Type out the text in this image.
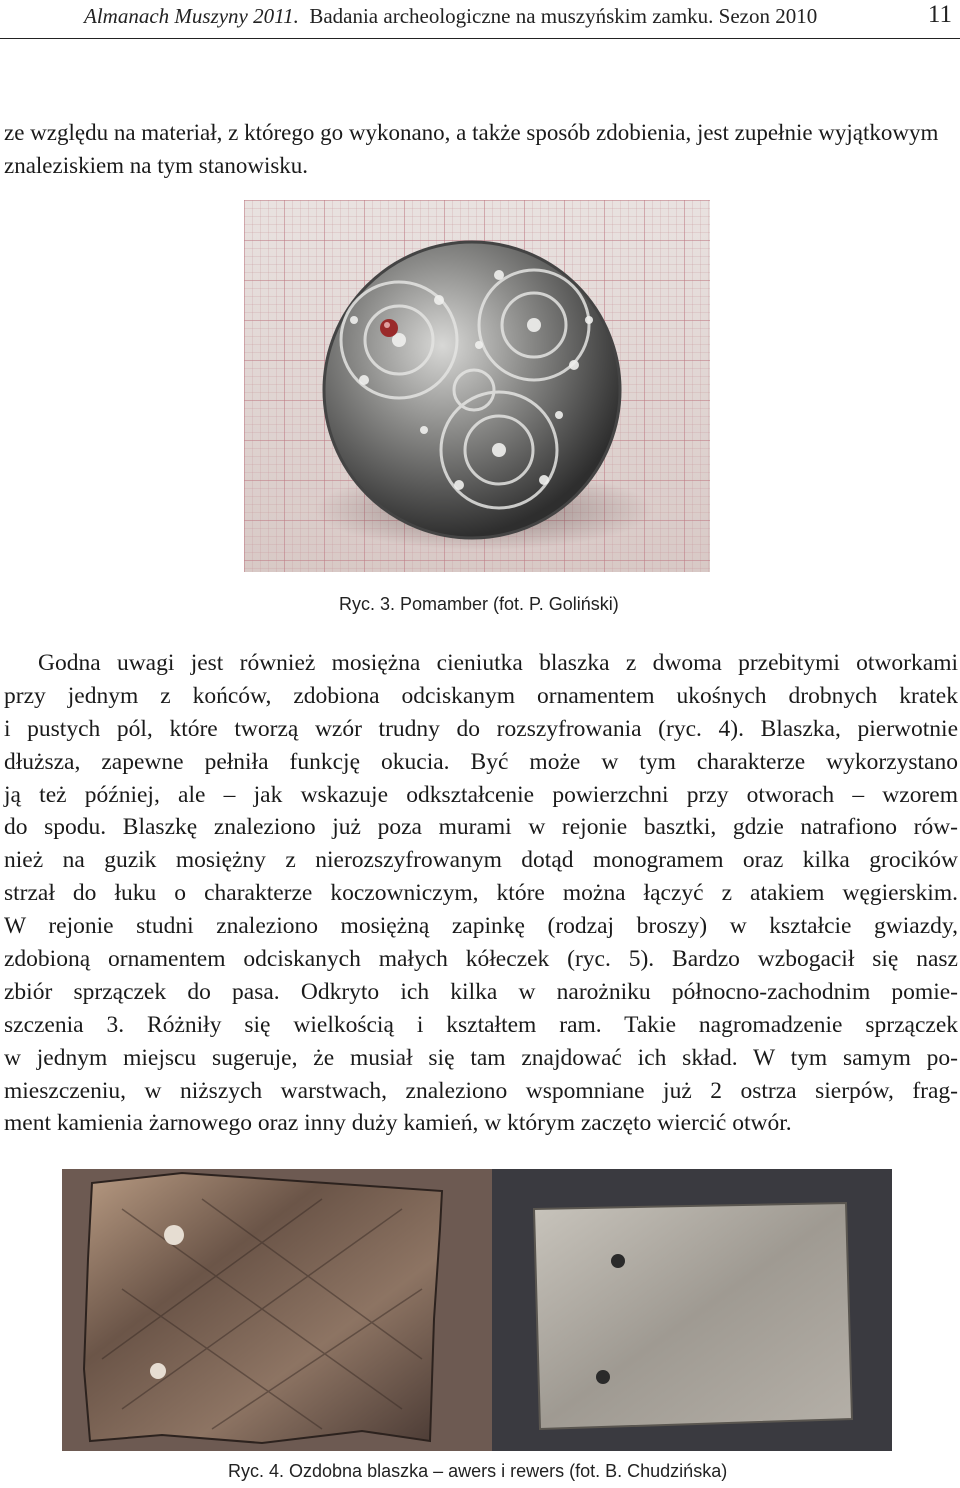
Almanach Muszyny 2011. Badania archeologiczne na muszyńskim zamku. Sezon 2010	11

ze względu na materiał, z którego go wykonano, a także sposób zdobienia, jest zupełnie wyjątkowym znaleziskiem na tym stanowisku.

Ryc. 3. Pomamber (fot. P. Goliński)
Godna uwagi jest również mosiężna cieniutka blaszka z dwoma przebitymi otworkami
przy jednym z końców, zdobiona odciskanym ornamentem ukośnych drobnych kratek
i pustych pól, które tworzą wzór trudny do rozszyfrowania (ryc. 4). Blaszka, pierwotnie
dłuższa, zapewne pełniła funkcję okucia. Być może w tym charakterze wykorzystano
ją też później, ale – jak wskazuje odkształcenie powierzchni przy otworach – wzorem
do spodu. Blaszkę znaleziono już poza murami w rejonie basztki, gdzie natrafiono rów-
nież na guzik mosiężny z nierozszyfrowanym dotąd monogramem oraz kilka grocików
strzał do łuku o charakterze koczowniczym, które można łączyć z atakiem węgierskim.
W rejonie studni znaleziono mosiężną zapinkę (rodzaj broszy) w kształcie gwiazdy,
zdobioną ornamentem odciskanych małych kółeczek (ryc. 5). Bardzo wzbogacił się nasz
zbiór sprzączek do pasa. Odkryto ich kilka w narożniku północno-zachodnim pomie-
szczenia 3. Różniły się wielkością i kształtem ram. Takie nagromadzenie sprzączek
w jednym miejscu sugeruje, że musiał się tam znajdować ich skład. W tym samym po-
mieszczeniu, w niższych warstwach, znaleziono wspomniane już 2 ostrza sierpów, frag-
ment kamienia żarnowego oraz inny duży kamień, w którym zaczęto wiercić otwór.
Ryc. 4. Ozdobna blaszka – awers i rewers (fot. B. Chudzińska)
